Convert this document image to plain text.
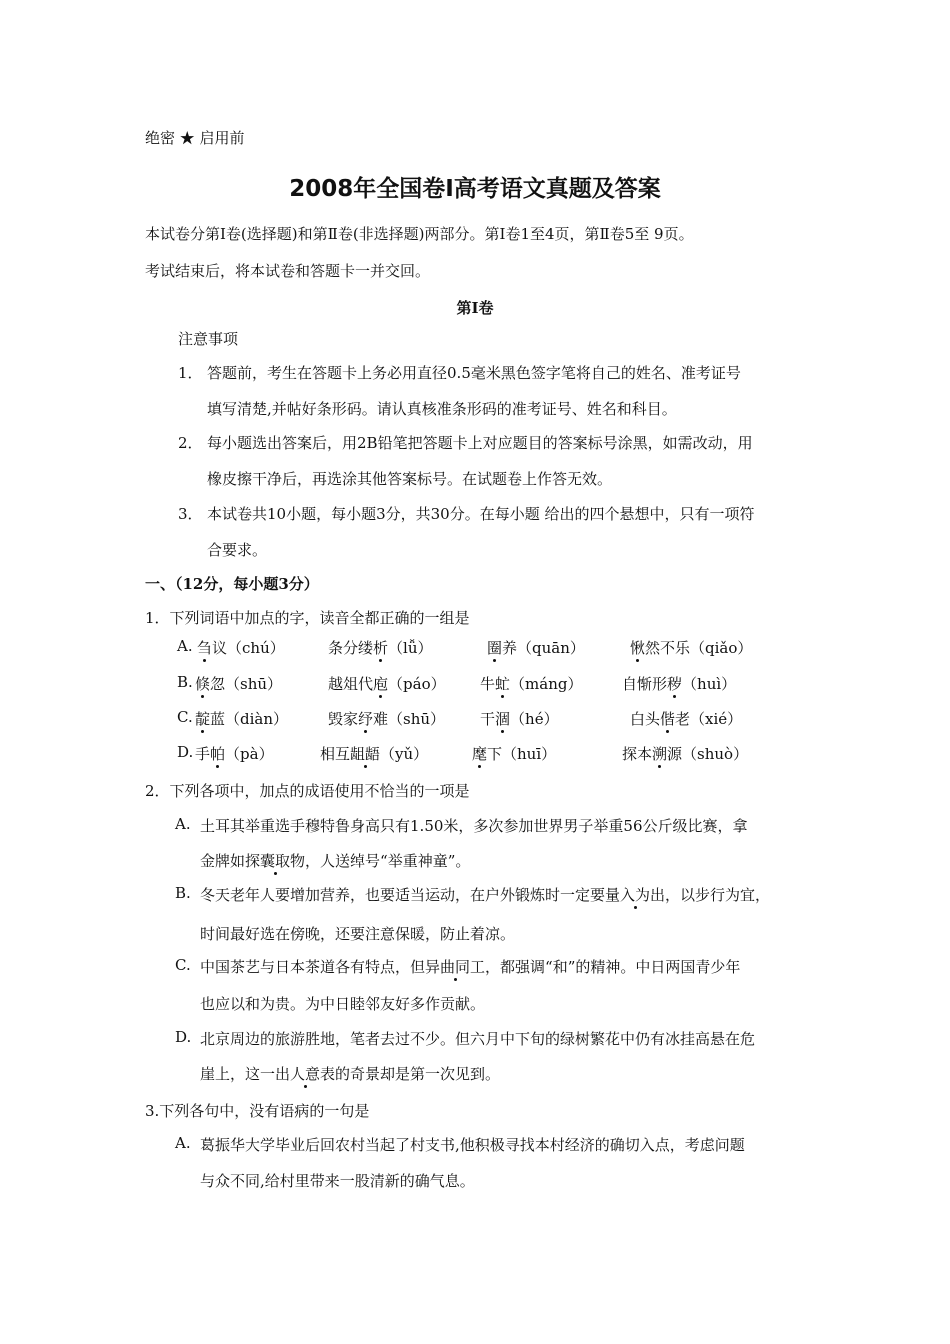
绝密 ★ 启用前
2008年全国卷Ⅰ高考语文真题及答案
本试卷分第Ⅰ卷(选择题)和第Ⅱ卷(非选择题)两部分。第Ⅰ卷1至4页，第Ⅱ卷5至 9页。
考试结束后，将本试卷和答题卡一并交回。
第Ⅰ卷
注意事项
1． 答题前，考生在答题卡上务必用直径0.5毫米黑色签字笔将自己的姓名、准考证号
填写清楚,并帖好条形码。请认真核准条形码的准考证号、姓名和科目。
2． 每小题选出答案后，用2B铅笔把答题卡上对应题目的答案标号涂黑，如需改动，用
橡皮擦干净后，再选涂其他答案标号。在试题卷上作答无效。
3． 本试卷共10小题，每小题3分，共30分。在每小题 给出的四个悬想中，只有一项符
合要求。
一、（12分，每小题3分）
1．下列词语中加点的字，读音全都正确的一组是
A. 刍议（chú）	条分缕析（lǚ）	圈养（quān）	愀然不乐（qiǎo）
B. 倏忽（shū）	越俎代庖（páo） 牛虻（máng）	自惭形秽（huì）
C. 靛蓝（diàn）	毁家纾难（shū） 干涸（hé）	白头偕老（xié）
D. 手帕（pà）	相互龃龉（yǔ）	麾下（huī）	探本溯源（shuò）
2．下列各项中，加点的成语使用不恰当的一项是
A. 土耳其举重选手穆特鲁身高只有1.50米，多次参加世界男子举重56公斤级比赛，拿
金牌如探囊取物，人送绰号“举重神童”。
B. 冬天老年人要增加营养，也要适当运动，在户外锻炼时一定要量入为出，以步行为宜，
时间最好选在傍晚，还要注意保暖，防止着凉。
C. 中国茶艺与日本茶道各有特点，但异曲同工，都强调“和”的精神。中日两国青少年
也应以和为贵。为中日睦邻友好多作贡献。
D. 北京周边的旅游胜地，笔者去过不少。但六月中下旬的绿树繁花中仍有冰挂高悬在危
崖上，这一出人意表的奇景却是第一次见到。
3.下列各句中，没有语病的一句是
A. 葛振华大学毕业后回农村当起了村支书,他积极寻找本村经济的确切入点，考虑问题
与众不同,给村里带来一股清新的确气息。
